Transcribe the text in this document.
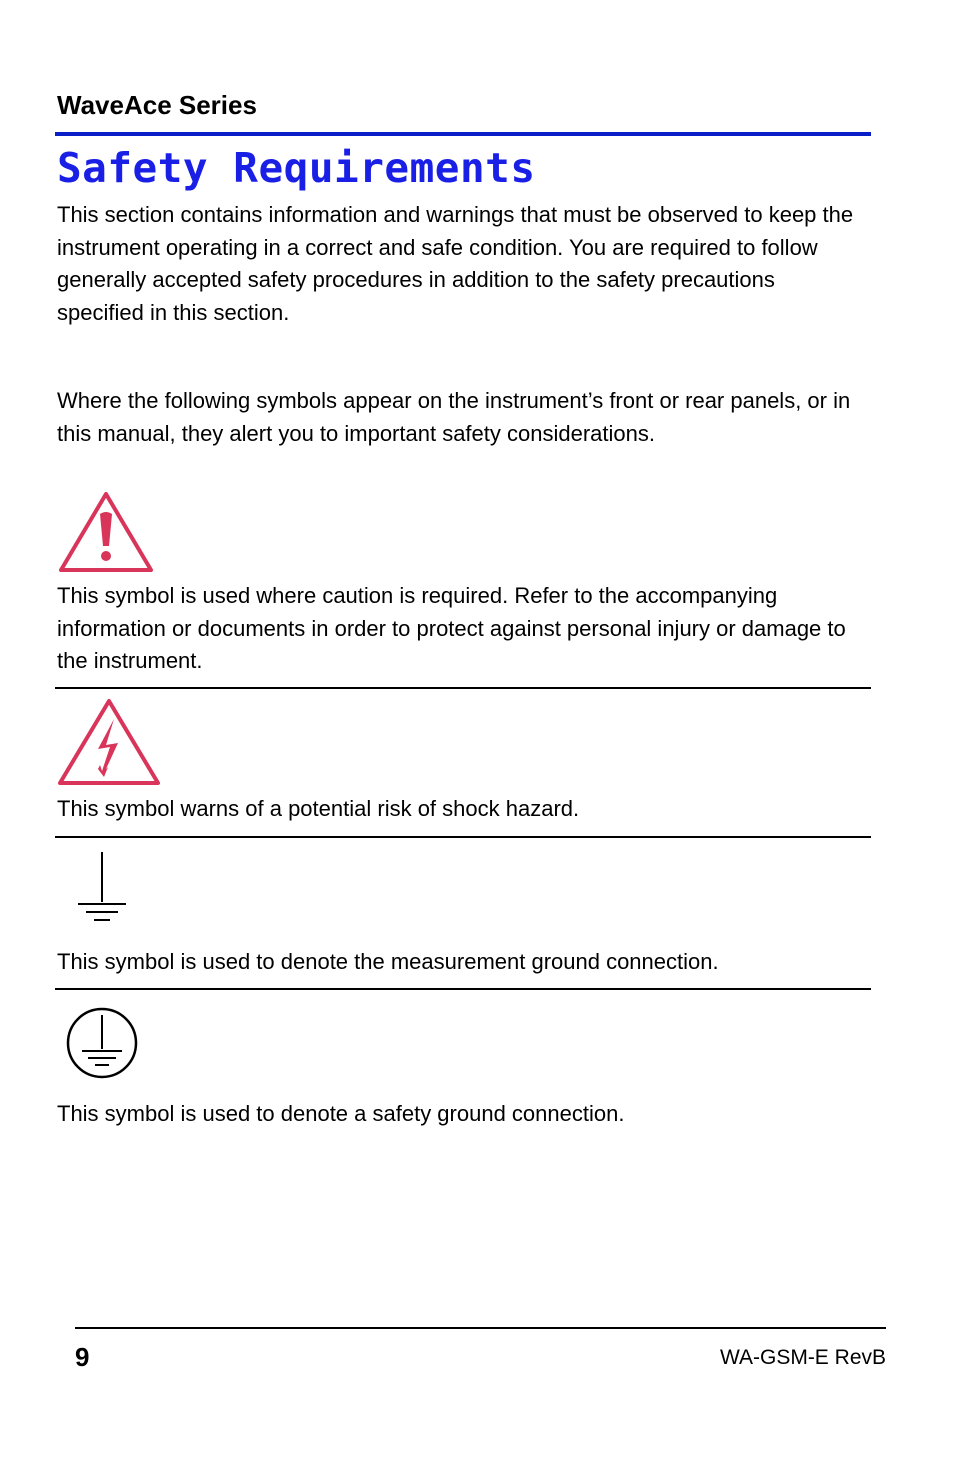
WaveAce Series
Safety Requirements

This section contains information and warnings that must be observed to keep the instrument operating in a correct and safe condition. You are required to follow generally accepted safety procedures in addition to the safety precautions specified in this section.

Where the following symbols appear on the instrument’s front or rear panels, or in this manual, they alert you to important safety considerations.

This symbol is used where caution is required. Refer to the accompanying information or documents in order to protect against personal injury or damage to the instrument.

This symbol warns of a potential risk of shock hazard.

This symbol is used to denote the measurement ground connection.

This symbol is used to denote a safety ground connection.

9	WA-GSM-E RevB
